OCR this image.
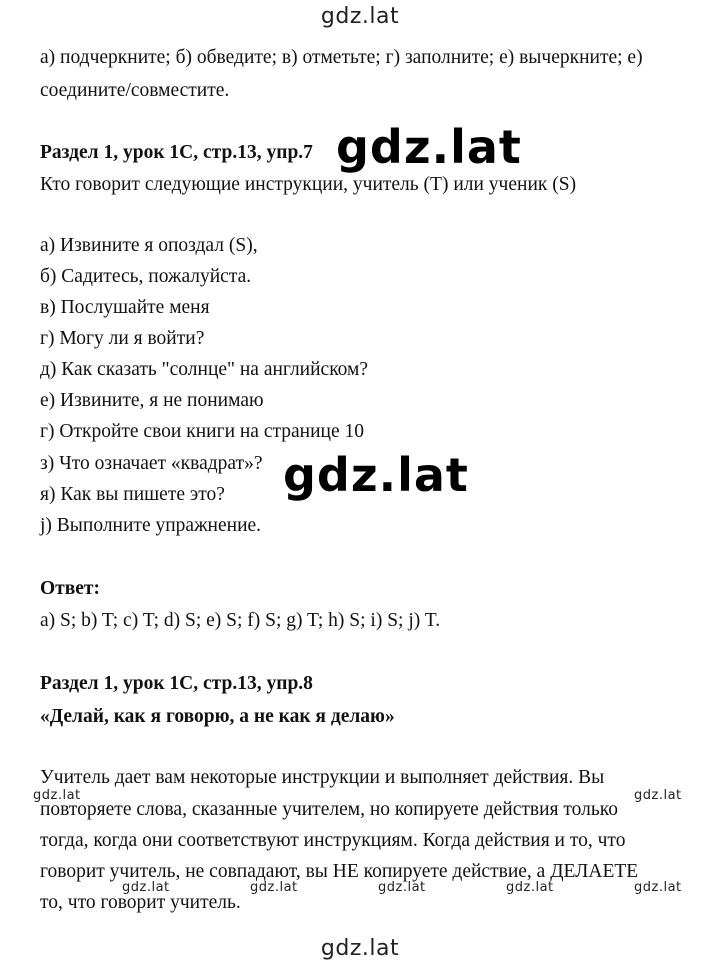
gdz.lat
а) подчеркните; б) обведите; в) отметьте; г) заполните; е) вычеркните; е)
соедините/совместите.
Раздел 1, урок 1С, стр.13, упр.7 gdz.lat
Кто говорит следующие инструкции, учитель (T) или ученик (S)
а) Извините я опоздал (S),
б) Садитесь, пожалуйста.
в) Послушайте меня
г) Могу ли я войти?
д) Как сказать "солнце" на английском?
е) Извините, я не понимаю
г) Откройте свои книги на странице 10
з) Что означает «квадрат»?
я) Как вы пишете это?
j) Выполните упражнение.
gdz.lat
Ответ:
a) S; b) T; c) T; d) S; e) S; f) S; g) T; h) S; i) S; j) T.
Раздел 1, урок 1С, стр.13, упр.8
«Делай, как я говорю, а не как я делаю»
Учитель дает вам некоторые инструкции и выполняет действия. Вы
повторяете слова, сказанные учителем, но копируете действия только
тогда, когда они соответствуют инструкциям. Когда действия и то, что
говорит учитель, не совпадают, вы НЕ копируете действие, а ДЕЛАЕТЕ
то, что говорит учитель.
gdz.lat	gdz.lat
gdz.lat	gdz.lat	gdz.lat	gdz.lat	gdz.lat
gdz.lat
